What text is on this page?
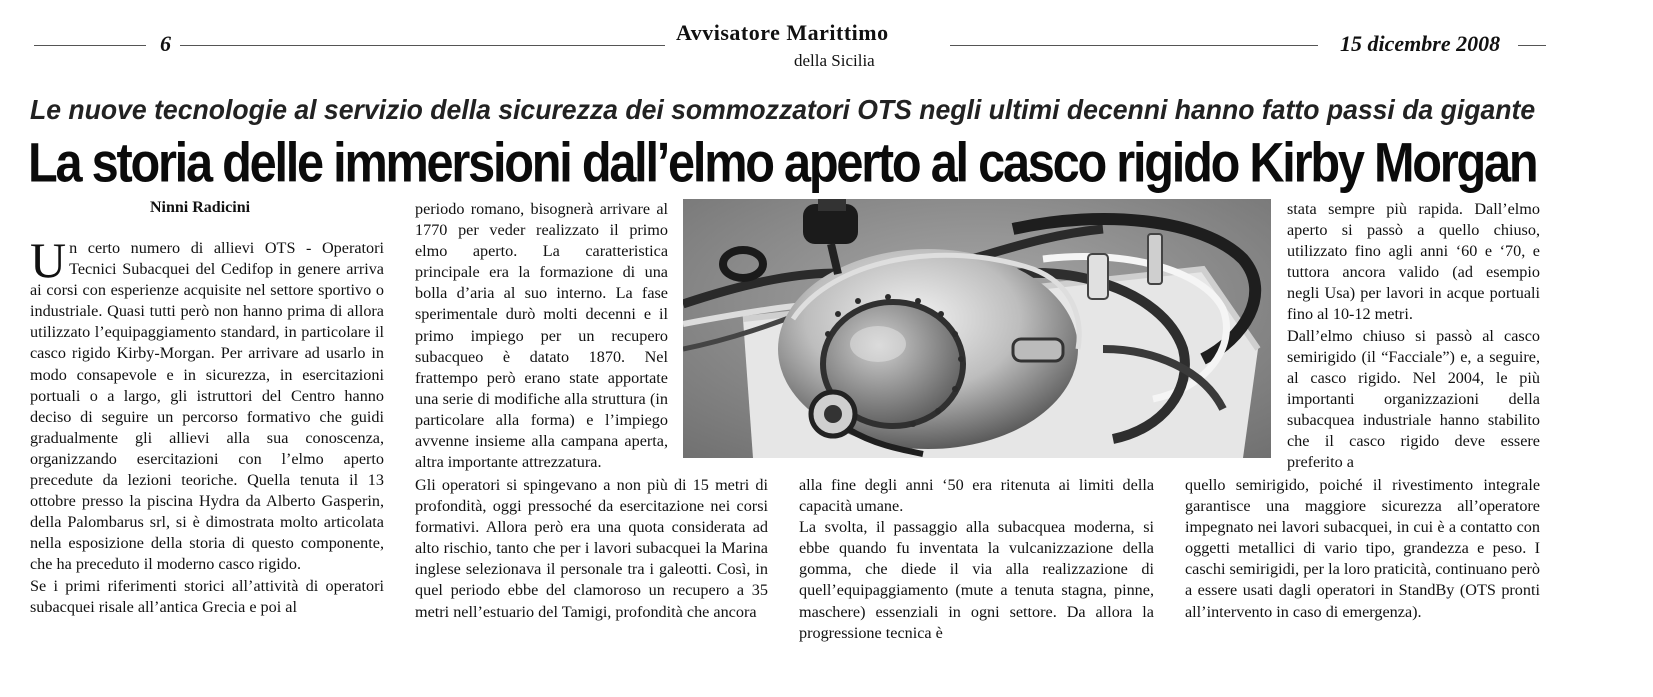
6	Avvisatore Marittimo
della Sicilia
15 dicembre 2008
Le nuove tecnologie al servizio della sicurezza dei sommozzatori OTS negli ultimi decenni hanno fatto passi da gigante
La storia delle immersioni dall’elmo aperto al casco rigido Kirby Morgan
Ninni Radicini

Un certo numero di allievi OTS - Operatori Tecnici Subacquei del Cedifop in genere arriva ai corsi con esperienze acquisite nel settore sportivo o industriale. Quasi tutti però non hanno prima di allora utilizzato l’equipaggiamento standard, in particolare il casco rigido Kirby-Morgan. Per arrivare ad usarlo in modo consapevole e in sicurezza, in esercitazioni portuali o a largo, gli istruttori del Centro hanno deciso di seguire un percorso formativo che guidi gradualmente gli allievi alla sua conoscenza, organizzando esercitazioni con l’elmo aperto precedute da lezioni teoriche. Quella tenuta il 13 ottobre presso la piscina Hydra da Alberto Gasperin, della Palombarus srl, si è dimostrata molto articolata nella esposizione della storia di questo componente, che ha preceduto il moderno casco rigido.

Se i primi riferimenti storici all’attività di operatori subacquei risale all’antica Grecia e poi al

periodo romano, bisognerà arrivare al 1770 per veder realizzato il primo elmo aperto. La caratteristica principale era la formazione di una bolla d’aria al suo interno. La fase sperimentale durò molti decenni e il primo impiego per un recupero subacqueo è datato 1870. Nel frattempo però erano state apportate una serie di modifiche alla struttura (in particolare alla forma) e l’impiego avvenne insieme alla campana aperta, altra importante attrezzatura.

Gli operatori si spingevano a non più di 15 metri di profondità, oggi pressoché da esercitazione nei corsi formativi. Allora però era una quota considerata ad alto rischio, tanto che per i lavori subacquei la Marina inglese selezionava il personale tra i galeotti. Così, in quel periodo ebbe del clamoroso un recupero a 35 metri nell’estuario del Tamigi, profondità che ancora

alla fine degli anni ‘50 era ritenuta ai limiti della capacità umane.

La svolta, il passaggio alla subacquea moderna, si ebbe quando fu inventata la vulcanizzazione della gomma, che diede il via alla realizzazione di quell’equipaggiamento (mute a tenuta stagna, pinne, maschere) essenziali in ogni settore. Da allora la progressione tecnica è

stata sempre più rapida. Dall’elmo aperto si passò a quello chiuso, utilizzato fino agli anni ‘60 e ‘70, e tuttora ancora valido (ad esempio negli Usa) per lavori in acque portuali fino al 10-12 metri.

Dall’elmo chiuso si passò al casco semirigido (il “Facciale”) e, a seguire, al casco rigido. Nel 2004, le più importanti organizzazioni della subacquea industriale hanno stabilito che il casco rigido deve essere preferito a

quello semirigido, poiché il rivestimento integrale garantisce una maggiore sicurezza all’operatore impegnato nei lavori subacquei, in cui è a contatto con oggetti metallici di vario tipo, grandezza e peso. I caschi semirigidi, per la loro praticità, continuano però a essere usati dagli operatori in StandBy (OTS pronti all’intervento in caso di emergenza).
